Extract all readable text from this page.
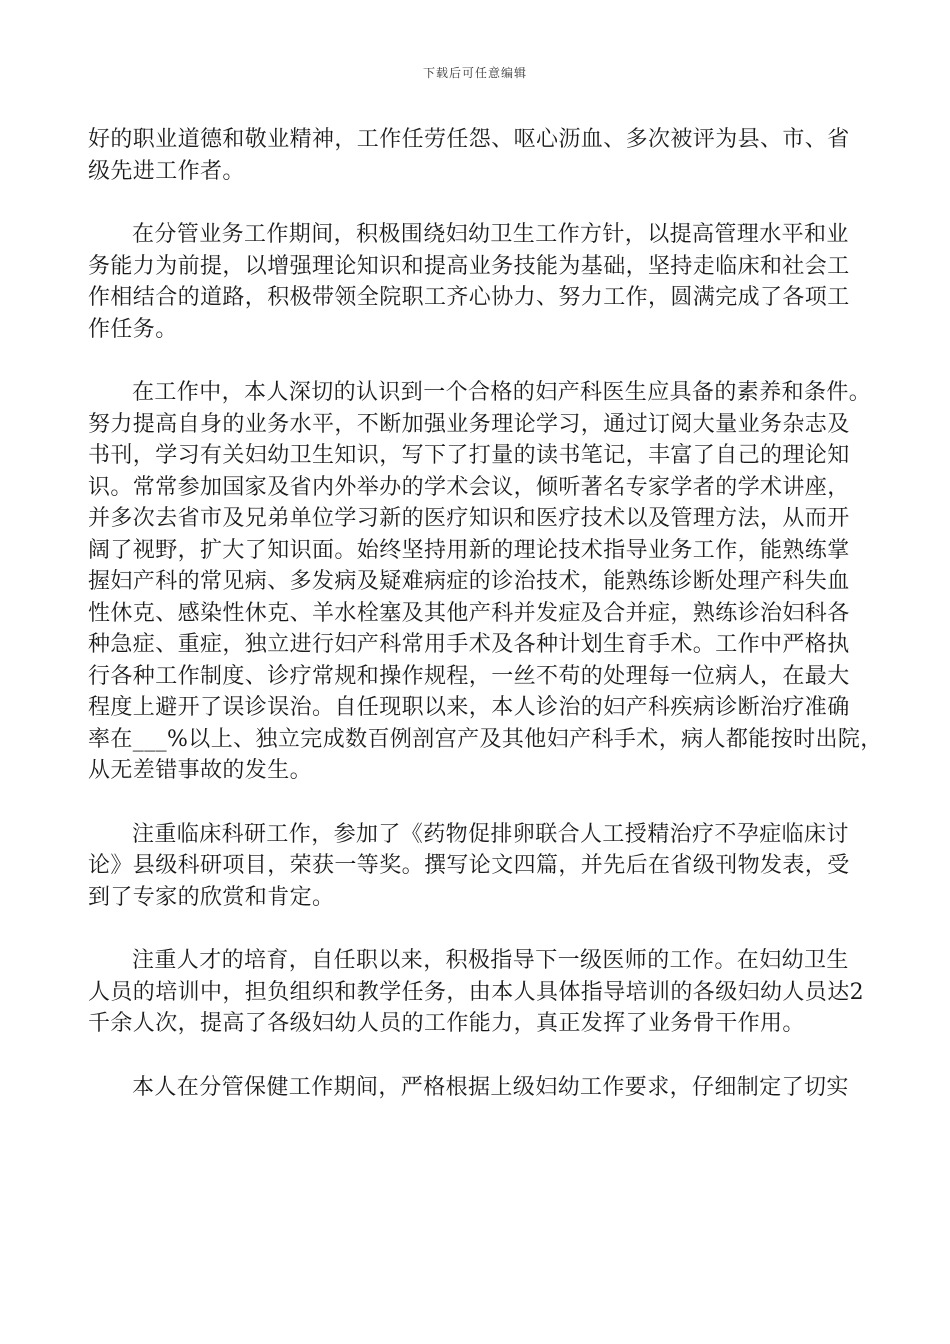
下载后可任意编辑
好的职业道德和敬业精神，工作任劳任怨、呕心沥血、多次被评为县、市、省
级先进工作者。
在分管业务工作期间，积极围绕妇幼卫生工作方针，以提高管理水平和业
务能力为前提，以增强理论知识和提高业务技能为基础，坚持走临床和社会工
作相结合的道路，积极带领全院职工齐心协力、努力工作，圆满完成了各项工
作任务。
在工作中，本人深切的认识到一个合格的妇产科医生应具备的素养和条件。
努力提高自身的业务水平，不断加强业务理论学习，通过订阅大量业务杂志及
书刊，学习有关妇幼卫生知识，写下了打量的读书笔记，丰富了自己的理论知
识。常常参加国家及省内外举办的学术会议，倾听著名专家学者的学术讲座，
并多次去省市及兄弟单位学习新的医疗知识和医疗技术以及管理方法，从而开
阔了视野，扩大了知识面。始终坚持用新的理论技术指导业务工作，能熟练掌
握妇产科的常见病、多发病及疑难病症的诊治技术，能熟练诊断处理产科失血
性休克、感染性休克、羊水栓塞及其他产科并发症及合并症，熟练诊治妇科各
种急症、重症，独立进行妇产科常用手术及各种计划生育手术。工作中严格执
行各种工作制度、诊疗常规和操作规程，一丝不苟的处理每一位病人，在最大
程度上避开了误诊误治。自任现职以来，本人诊治的妇产科疾病诊断治疗准确
率在___%以上、独立完成数百例剖宫产及其他妇产科手术，病人都能按时出院，
从无差错事故的发生。
注重临床科研工作，参加了《药物促排卵联合人工授精治疗不孕症临床讨
论》县级科研项目，荣获一等奖。撰写论文四篇，并先后在省级刊物发表，受
到了专家的欣赏和肯定。
注重人才的培育，自任职以来，积极指导下一级医师的工作。在妇幼卫生
人员的培训中，担负组织和教学任务，由本人具体指导培训的各级妇幼人员达2
千余人次，提高了各级妇幼人员的工作能力，真正发挥了业务骨干作用。
本人在分管保健工作期间，严格根据上级妇幼工作要求，仔细制定了切实
